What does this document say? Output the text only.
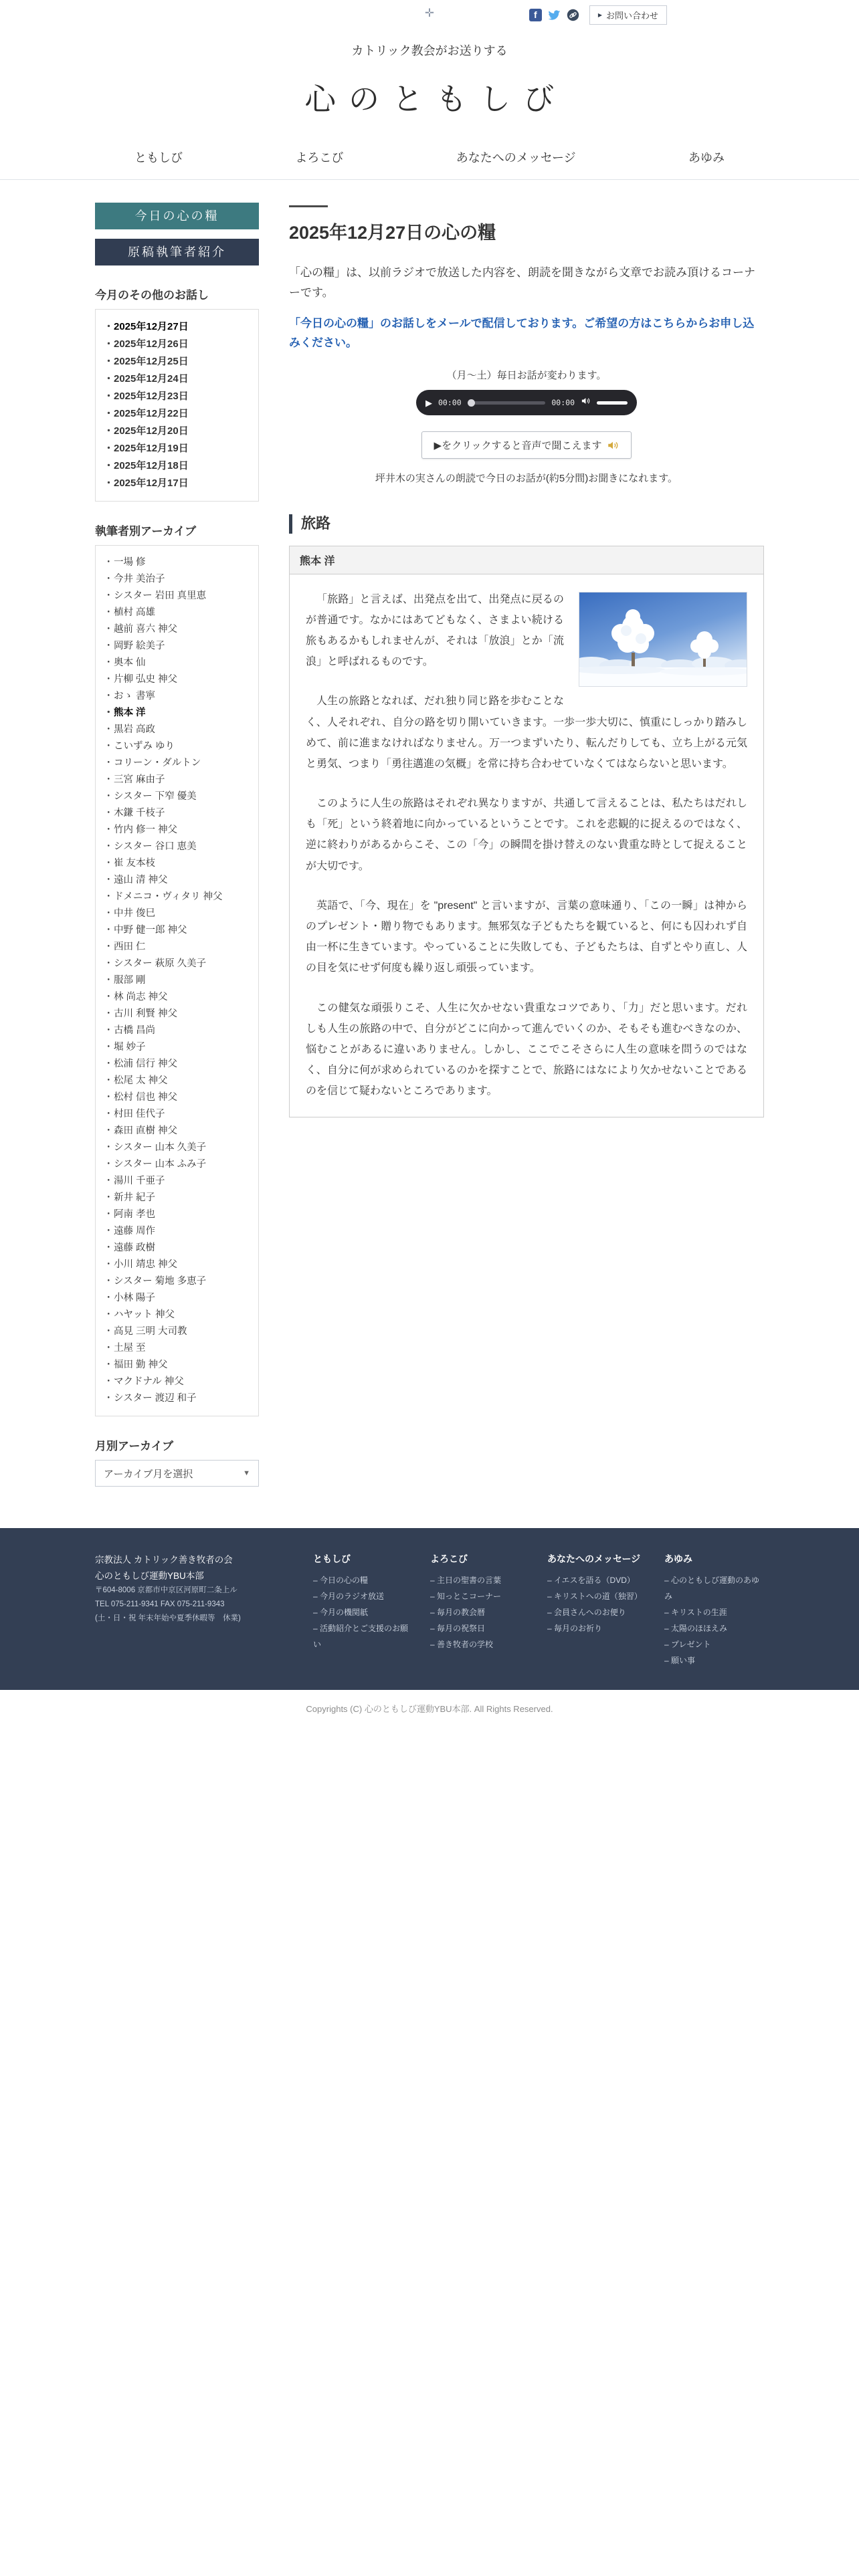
✛	f	▶ お問い合わせ

カトリック教会がお送りする

心のともしび
ともしび	よろこび	あなたへのメッセージ	あゆみ
今日の心の糧
原稿執筆者紹介
今月のその他のお話し
・ 2025年12月27日
・ 2025年12月26日
・ 2025年12月25日
・ 2025年12月24日
・ 2025年12月23日
・ 2025年12月22日
・ 2025年12月20日
・ 2025年12月19日
・ 2025年12月18日
・ 2025年12月17日
執筆者別アーカイブ
・ 一場 修
・ 今井 美治子
・ シスター 岩田 真里恵
・ 植村 高雄
・ 越前 喜六 神父
・ 岡野 絵美子
・ 奥本 仙
・ 片柳 弘史 神父
・ おゝ 書寧
・ 熊本 洋
・ 黒岩 高政
・ こいずみ ゆり
・ コリーン・ダルトン
・ 三宮 麻由子
・ シスター 下窄 優美
・ 木鎌 千枝子
・ 竹内 修一 神父
・ シスター 谷口 恵美
・ 崔 友本枝
・ 遠山 清 神父
・ ドメニコ・ヴィタリ 神父
・ 中井 俊巳
・ 中野 健一郎 神父
・ 西田 仁
・ シスター 萩原 久美子
・ 服部 剛
・ 林 尚志 神父
・ 古川 利賢 神父
・ 古橋 昌尚
・ 堀 妙子
・ 松浦 信行 神父
・ 松尾 太 神父
・ 松村 信也 神父
・ 村田 佳代子
・ 森田 直樹 神父
・ シスター 山本 久美子
・ シスター 山本 ふみ子
・ 湯川 千亜子
・ 新井 紀子
・ 阿南 孝也
・ 遠藤 周作
・ 遠藤 政樹
・ 小川 靖忠 神父
・ シスター 菊地 多恵子
・ 小林 陽子
・ ハヤット 神父
・ 高見 三明 大司教
・ 土屋 至
・ 福田 勤 神父
・ マクドナル 神父
・ シスター 渡辺 和子
月別アーカイブ
アーカイブ月を選択	▼
2025年12月27日の心の糧

「心の糧」は、以前ラジオで放送した内容を、朗読を聞きながら文章でお読み頂けるコーナーです。

「今日の心の糧」のお話しをメールで配信しております。ご希望の方はこちらからお申し込みください。

（月～土）毎日お話が変わります。

▶ 00:00	00:00
▶をクリックすると音声で聞こえます

坪井木の実さんの朗読で今日のお話が(約5分間)お聞きになれます。

旅路
熊本 洋

「旅路」と言えば、出発点を出て、出発点に戻るのが普通です。なかにはあてどもなく、さまよい続ける旅もあるかもしれませんが、それは「放浪」とか「流浪」と呼ばれるものです。

人生の旅路となれば、だれ独り同じ路を歩むことなく、人それぞれ、自分の路を切り開いていきます。一歩一歩大切に、慎重にしっかり踏みしめて、前に進まなければなりません。万一つまずいたり、転んだりしても、立ち上がる元気と勇気、つまり「勇往邁進の気概」を常に持ち合わせていなくてはならないと思います。

このように人生の旅路はそれぞれ異なりますが、共通して言えることは、私たちはだれしも「死」という終着地に向かっているということです。これを悲観的に捉えるのではなく、逆に終わりがあるからこそ、この「今」の瞬間を掛け替えのない貴重な時として捉えることが大切です。

英語で、「今、現在」を "present" と言いますが、言葉の意味通り、「この一瞬」は神からのプレゼント・贈り物でもあります。無邪気な子どもたちを観ていると、何にも囚われず自由一杯に生きています。やっていることに失敗しても、子どもたちは、自ずとやり直し、人の目を気にせず何度も繰り返し頑張っています。

この健気な頑張りこそ、人生に欠かせない貴重なコツであり、「力」だと思います。だれしも人生の旅路の中で、自分がどこに向かって進んでいくのか、そもそも進むべきなのか、悩むことがあるに違いありません。しかし、ここでこそさらに人生の意味を問うのではなく、自分に何が求められているのかを探すことで、旅路にはなにより欠かせないことであるのを信じて疑わないところであります。

宗教法人 カトリック善き牧者の会
心のともしび運動YBU本部
〒604-8006 京都市中京区河原町二条上ル
TEL 075-211-9341 FAX 075-211-9343
(土・日・祝 年末年始や夏季休暇等　休業)
ともしび
– 今日の心の糧
– 今月のラジオ放送
– 今月の機関紙
– 活動紹介とご支援のお願い
よろこび
– 主日の聖書の言葉
– 知っとこコーナー
– 毎月の教会暦
– 毎月の祝祭日
– 善き牧者の学校
あなたへのメッセージ
– イエスを語る（DVD）
– キリストへの道（独習）
– 会員さんへのお便り
– 毎月のお祈り
あゆみ
– 心のともしび運動のあゆみ
– キリストの生涯
– 太陽のほほえみ
– プレゼント
– 願い事
Copyrights (C) 心のともしび運動YBU本部. All Rights Reserved.
